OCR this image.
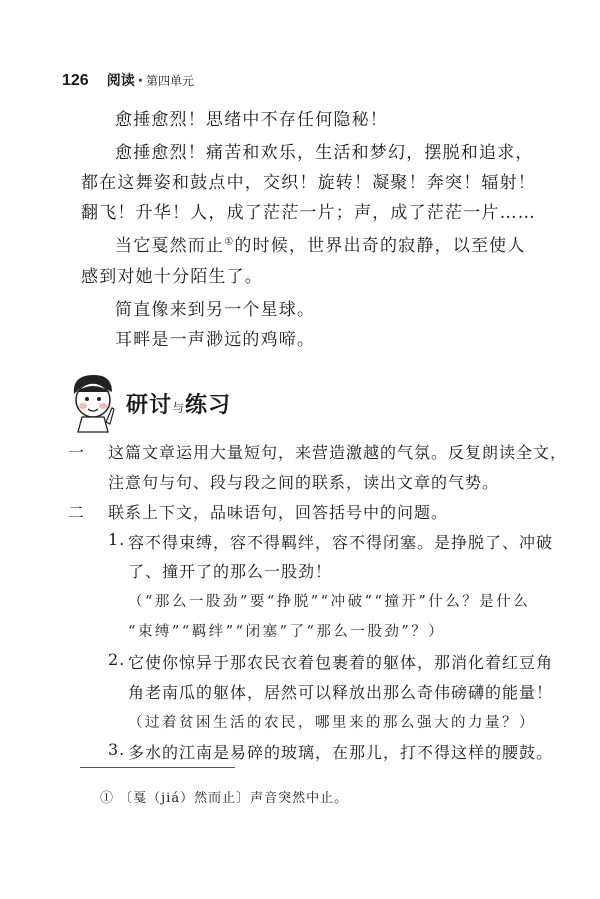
126 阅读 · 第四单元
愈捶愈烈！思绪中不存任何隐秘！
愈捶愈烈！痛苦和欢乐，生活和梦幻，摆脱和追求，
都在这舞姿和鼓点中，交织！旋转！凝聚！奔突！辐射！
翻飞！升华！人，成了茫茫一片；声，成了茫茫一片……
当它戛然而止①的时候，世界出奇的寂静，以至使人
感到对她十分陌生了。
简直像来到另一个星球。
耳畔是一声渺远的鸡啼。
研讨与练习
一 这篇文章运用大量短句，来营造激越的气氛。反复朗读全文，
注意句与句、段与段之间的联系，读出文章的气势。
二 联系上下文，品味语句，回答括号中的问题。
1. 容不得束缚，容不得羁绊，容不得闭塞。是挣脱了、冲破
了、撞开了的那么一股劲！
（“那么一股劲”要“挣脱”“冲破”“撞开”什么？是什么
“束缚”“羁绊”“闭塞”了“那么一股劲”？）
2. 它使你惊异于那农民衣着包裹着的躯体，那消化着红豆角
角老南瓜的躯体，居然可以释放出那么奇伟磅礴的能量！
（过着贫困生活的农民，哪里来的那么强大的力量？）
3. 多水的江南是易碎的玻璃，在那儿，打不得这样的腰鼓。
① 〔戛（jiá）然而止〕声音突然中止。
